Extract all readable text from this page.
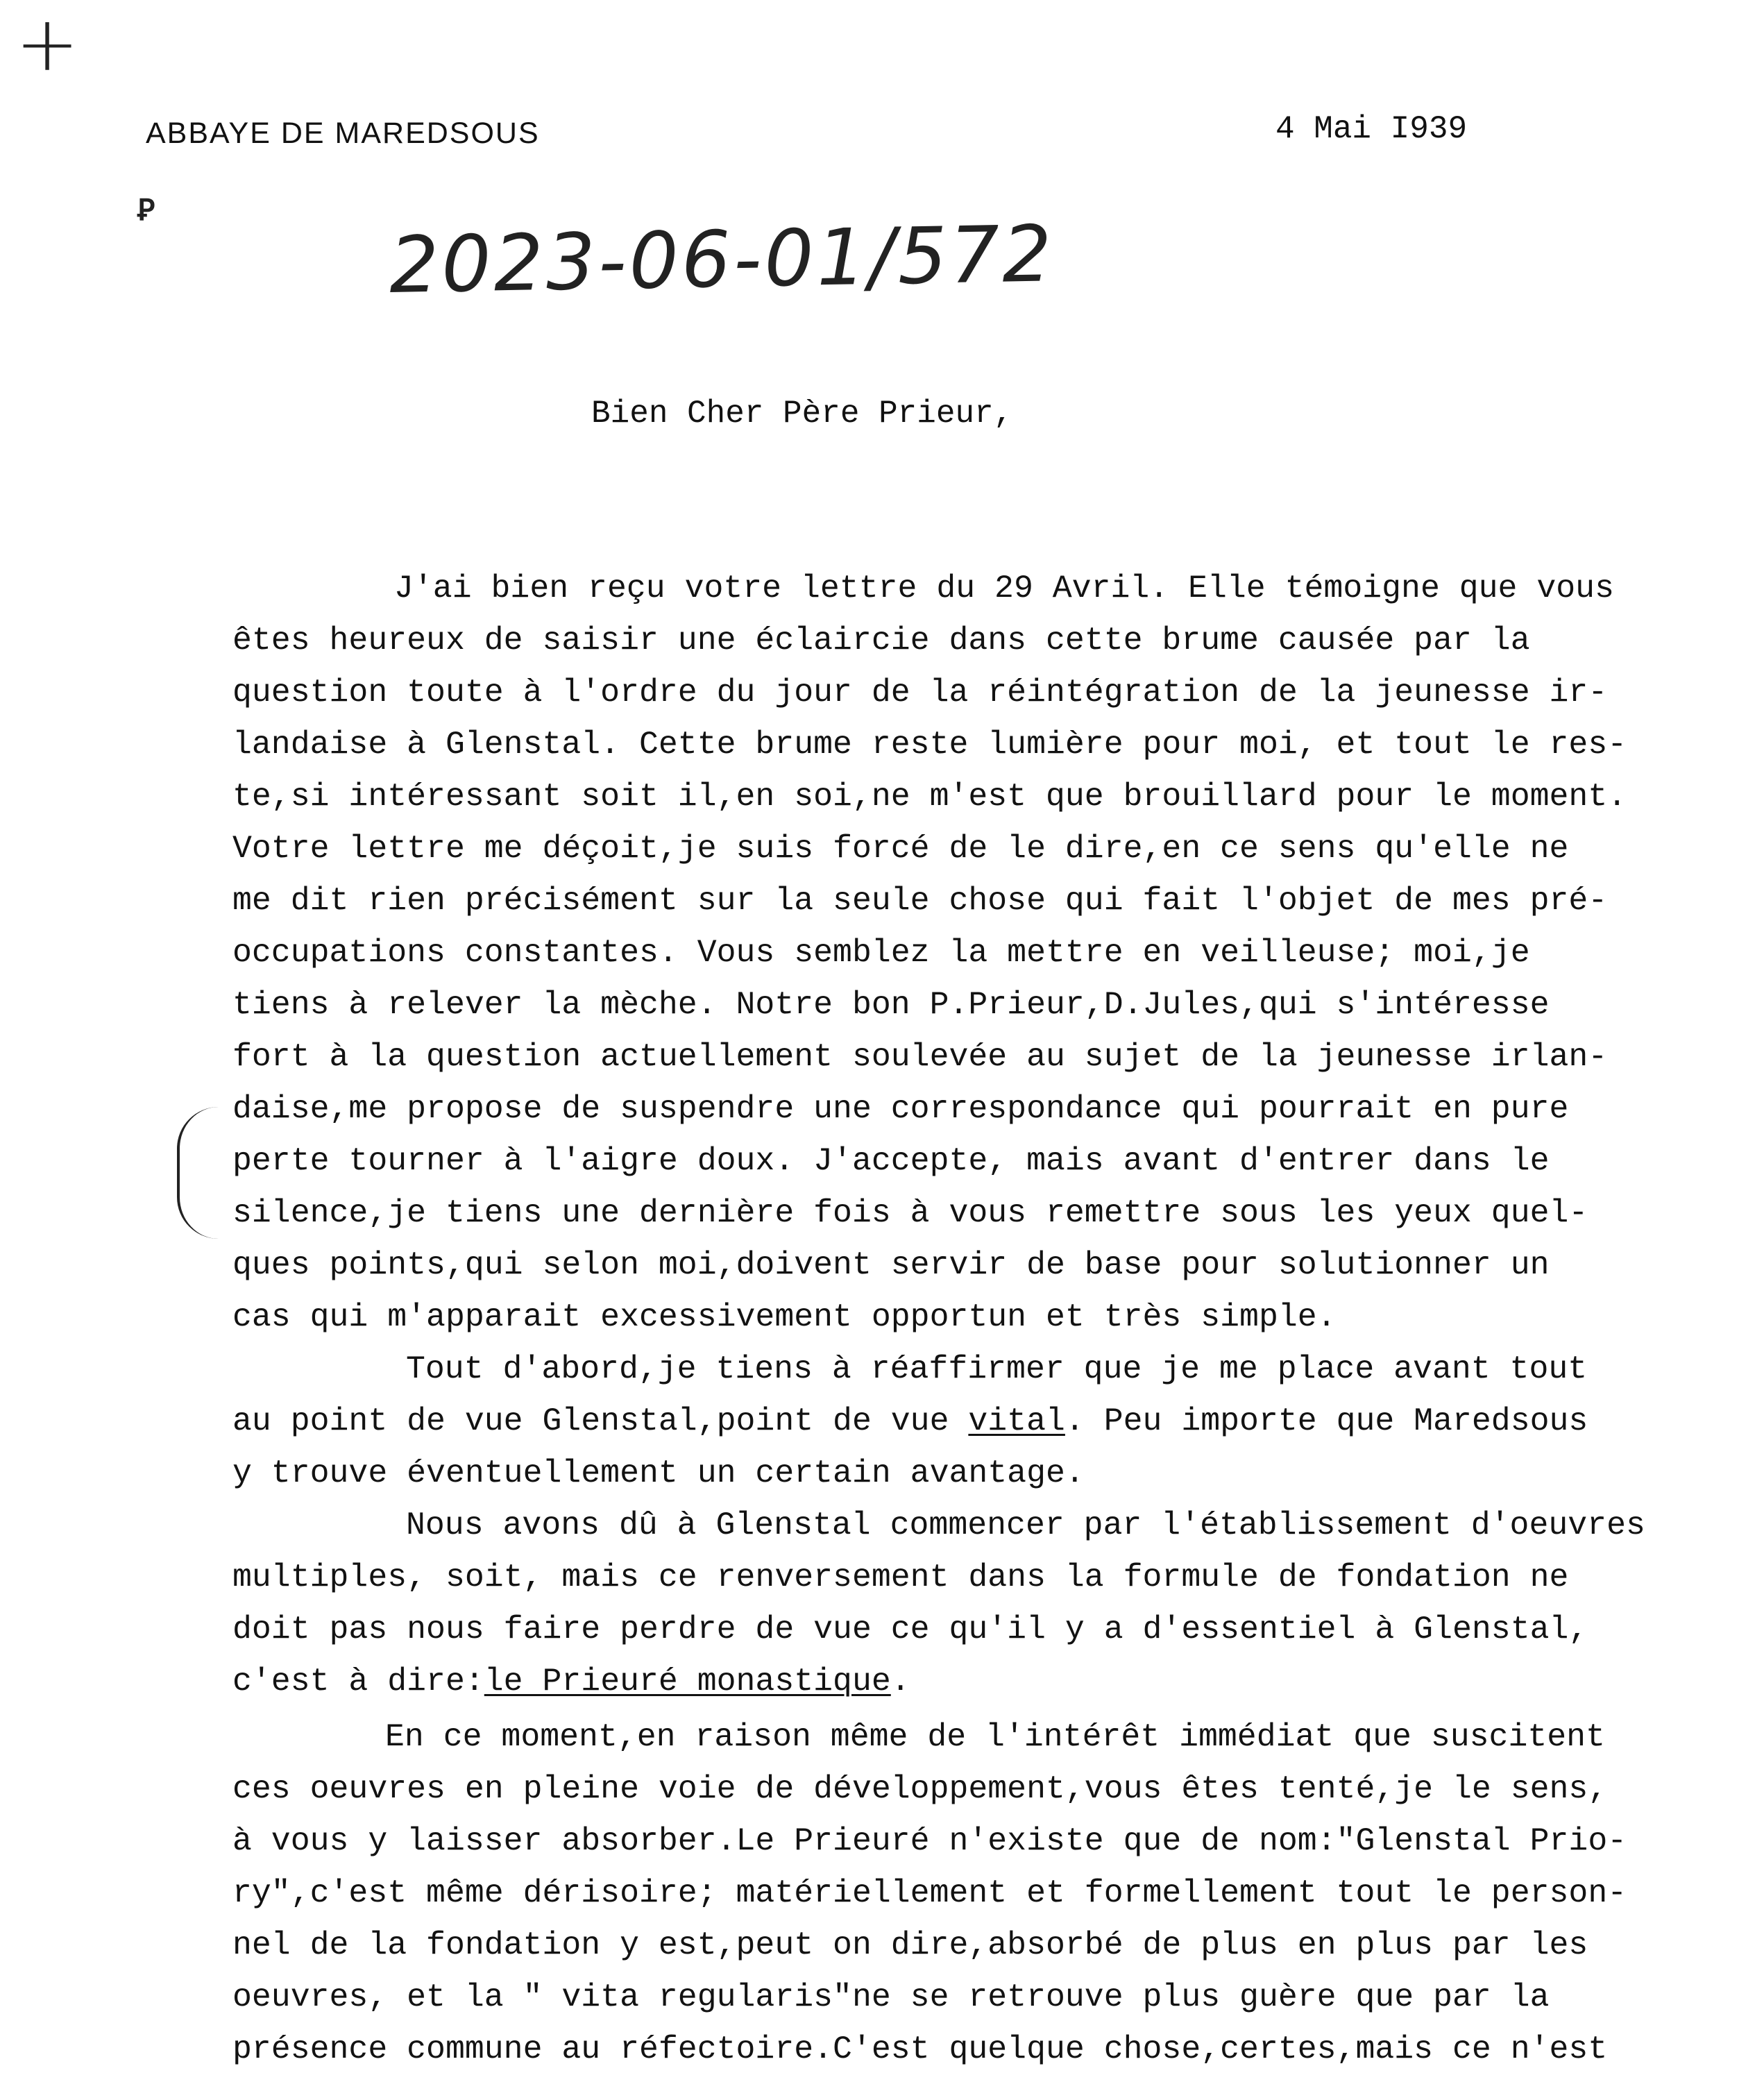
+
ABBAYE DE MAREDSOUS	4 Mai I939
Ꝑ	2023-06-01/572
Bien Cher Père Prieur,
J'ai bien reçu votre lettre du 29 Avril. Elle témoigne que vous
êtes heureux de saisir une éclaircie dans cette brume causée par la
question toute à l'ordre du jour de la réintégration de la jeunesse ir-
landaise à Glenstal. Cette brume reste lumière pour moi, et tout le res-
te,si intéressant soit il,en soi,ne m'est que brouillard pour le moment.
Votre lettre me déçoit,je suis forcé de le dire,en ce sens qu'elle ne
me dit rien précisément sur la seule chose qui fait l'objet de mes pré-
occupations constantes. Vous semblez la mettre en veilleuse; moi,je
tiens à relever la mèche. Notre bon P.Prieur,D.Jules,qui s'intéresse
fort à la question actuellement soulevée au sujet de la jeunesse irlan-
daise,me propose de suspendre une correspondance qui pourrait en pure
perte tourner à l'aigre doux. J'accepte, mais avant d'entrer dans le
silence,je tiens une dernière fois à vous remettre sous les yeux quel-
ques points,qui selon moi,doivent servir de base pour solutionner un
cas qui m'apparait excessivement opportun et très simple.
Tout d'abord,je tiens à réaffirmer que je me place avant tout
au point de vue Glenstal,point de vue vital. Peu importe que Maredsous
y trouve éventuellement un certain avantage.
Nous avons dû à Glenstal commencer par l'établissement d'oeuvres
multiples, soit, mais ce renversement dans la formule de fondation ne
doit pas nous faire perdre de vue ce qu'il y a d'essentiel à Glenstal,
c'est à dire:le Prieuré monastique.
En ce moment,en raison même de l'intérêt immédiat que suscitent
ces oeuvres en pleine voie de développement,vous êtes tenté,je le sens,
à vous y laisser absorber.Le Prieuré n'existe que de nom:"Glenstal Prio-
ry",c'est même dérisoire; matériellement et formellement tout le person-
nel de la fondation y est,peut on dire,absorbé de plus en plus par les
oeuvres, et la " vita regularis"ne se retrouve plus guère que par la
présence commune au réfectoire.C'est quelque chose,certes,mais ce n'est
